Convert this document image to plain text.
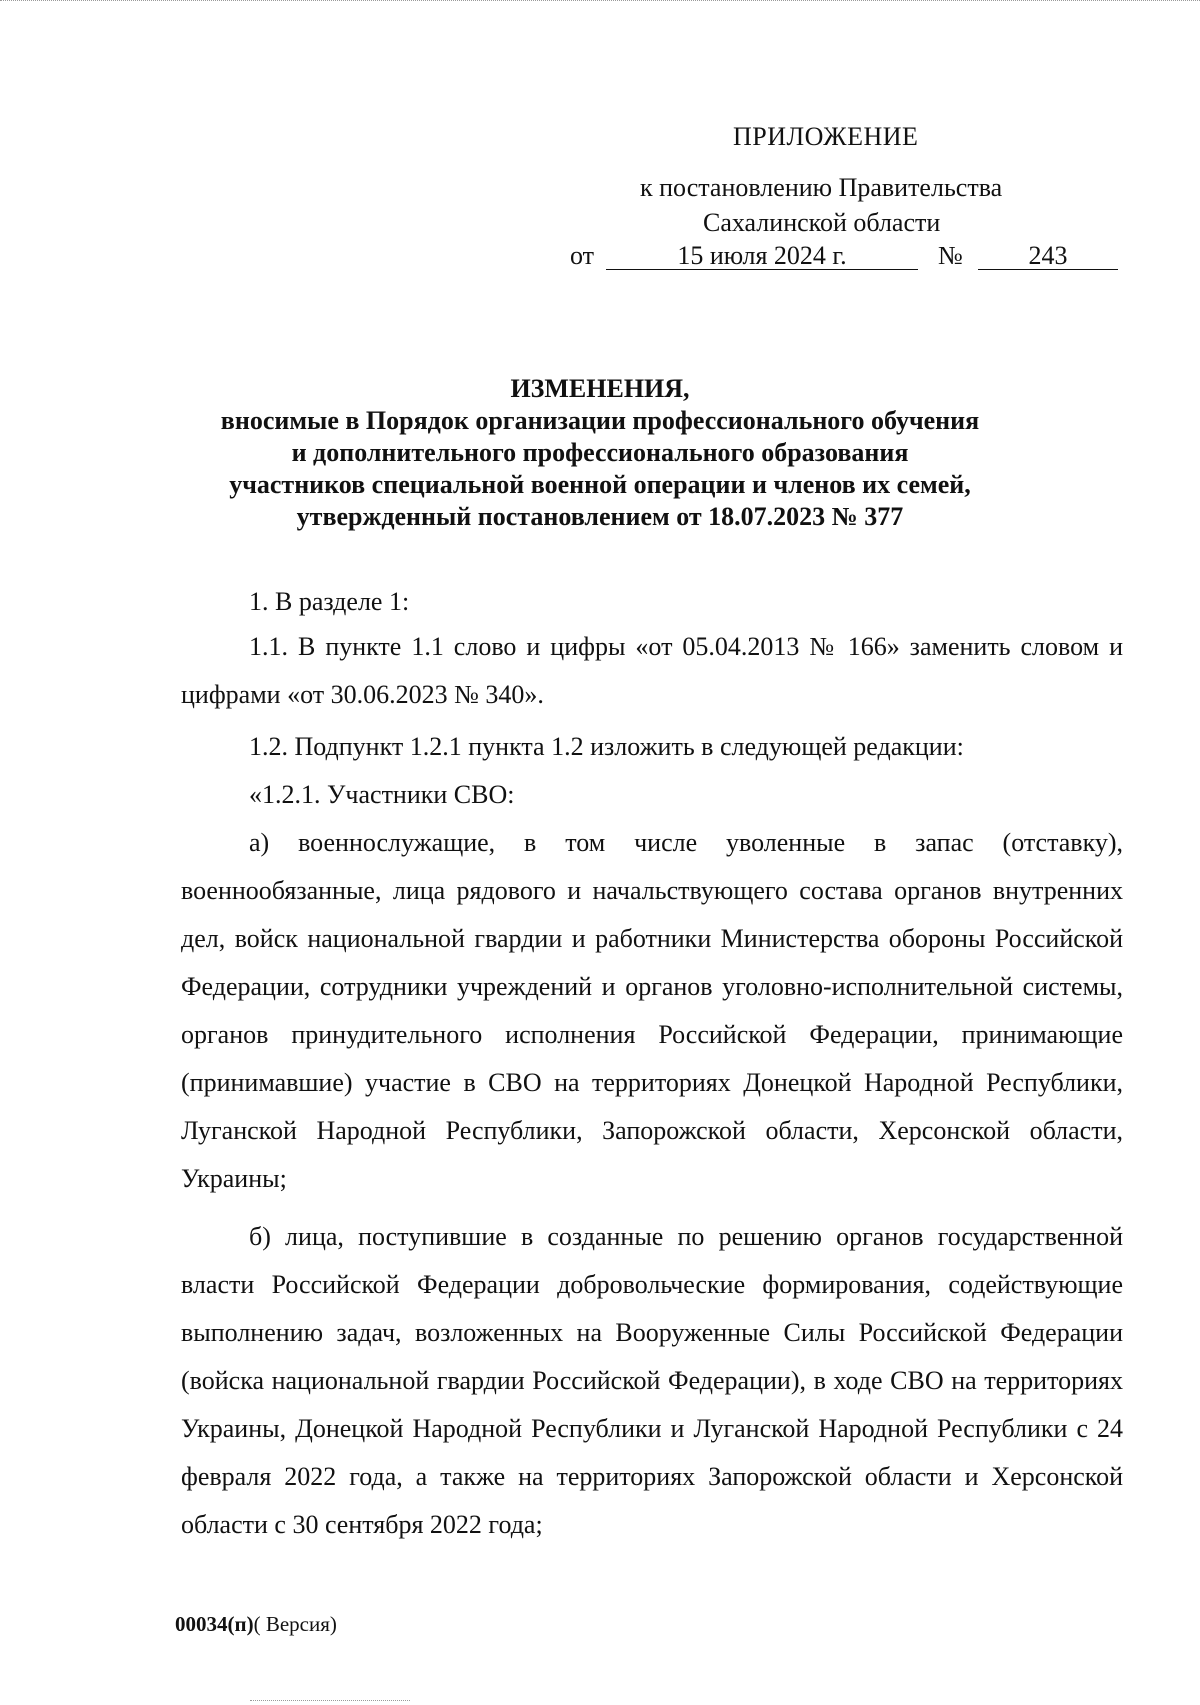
ПРИЛОЖЕНИЕ
к постановлению Правительства
Сахалинской области
от	15 июля 2024 г.	№	243
ИЗМЕНЕНИЯ,
вносимые в Порядок организации профессионального обучения
и дополнительного профессионального образования
участников специальной военной операции и членов их семей,
утвержденный постановлением от 18.07.2023 № 377
1. В разделе 1:
1.1. В пункте 1.1 слово и цифры «от 05.04.2013 № 166» заменить словом и цифрами «от 30.06.2023 № 340».
1.2. Подпункт 1.2.1 пункта 1.2 изложить в следующей редакции:
«1.2.1. Участники СВО:
а) военнослужащие, в том числе уволенные в запас (отставку), военнообязанные, лица рядового и начальствующего состава органов внутренних дел, войск национальной гвардии и работники Министерства обороны Российской Федерации, сотрудники учреждений и органов уголовно-исполнительной системы, органов принудительного исполнения Российской Федерации, принимающие (принимавшие) участие в СВО на территориях Донецкой Народной Республики, Луганской Народной Республики, Запорожской области, Херсонской области, Украины;
б) лица, поступившие в созданные по решению органов государственной власти Российской Федерации добровольческие формирования, содействующие выполнению задач, возложенных на Вооруженные Силы Российской Федерации (войска национальной гвардии Российской Федерации), в ходе СВО на территориях Украины, Донецкой Народной Республики и Луганской Народной Республики с 24 февраля 2022 года, а также на территориях Запорожской области и Херсонской области с 30 сентября 2022 года;
00034(п)( Версия)
